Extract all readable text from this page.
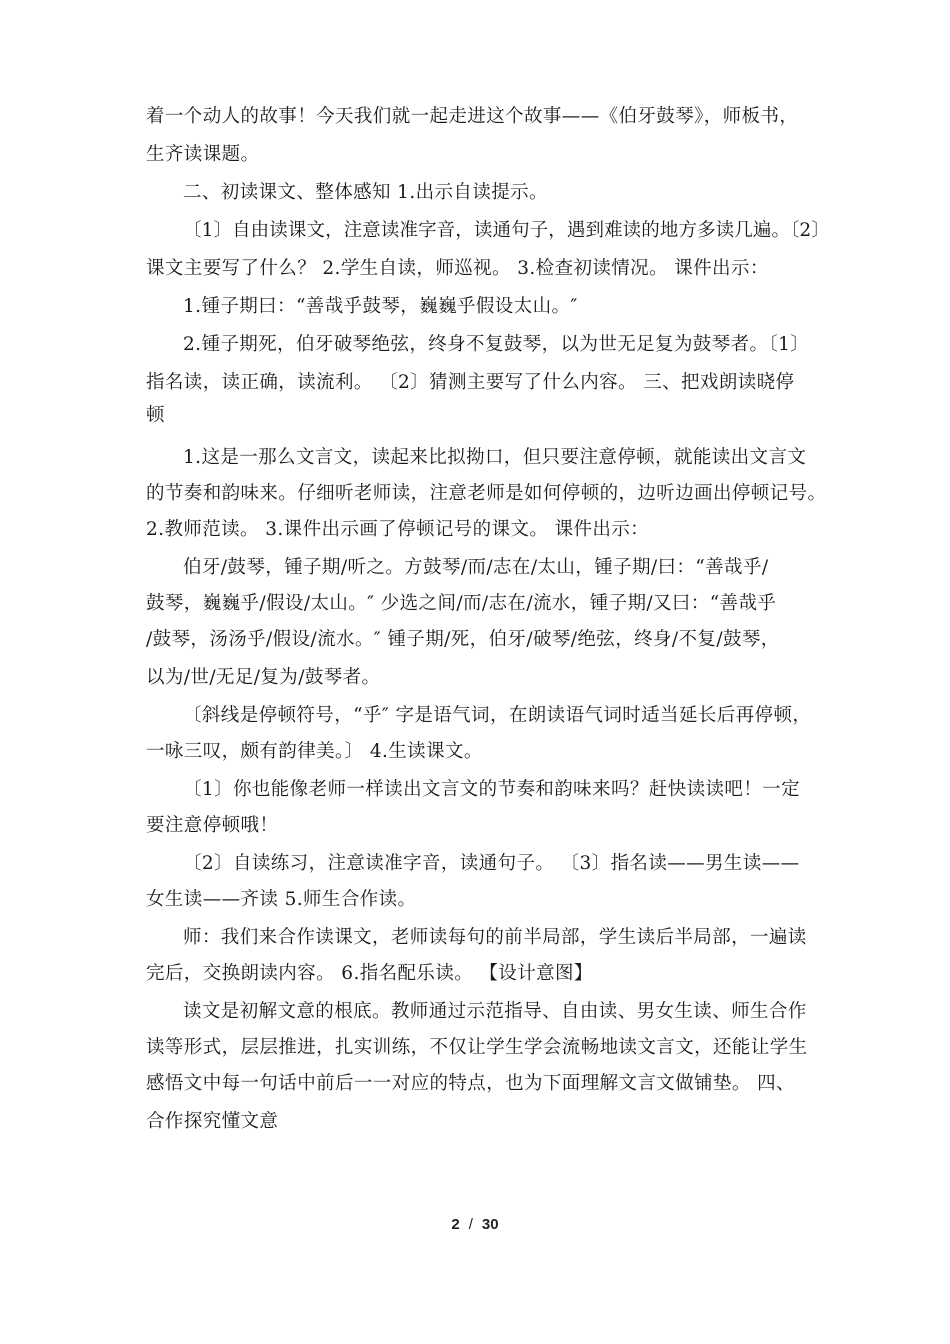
着一个动人的故事！今天我们就一起走进这个故事——《伯牙鼓琴》，师板书，
生齐读课题。
二、初读课文、整体感知 1.出示自读提示。
〔1〕自由读课文，注意读准字音，读通句子，遇到难读的地方多读几遍。〔2〕
课文主要写了什么？ 2.学生自读，师巡视。 3.检查初读情况。 课件出示：
1.锺子期曰：“善哉乎鼓琴，巍巍乎假设太山。″
2.锺子期死，伯牙破琴绝弦，终身不复鼓琴，以为世无足复为鼓琴者。〔1〕
指名读，读正确，读流利。 〔2〕猜测主要写了什么内容。 三、把戏朗读晓停
顿
1.这是一那么文言文，读起来比拟拗口，但只要注意停顿，就能读出文言文
的节奏和韵味来。仔细听老师读，注意老师是如何停顿的，边听边画出停顿记号。
2.教师范读。 3.课件出示画了停顿记号的课文。 课件出示：
伯牙/鼓琴，锺子期/听之。方鼓琴/而/志在/太山，锺子期/曰：“善哉乎/
鼓琴，巍巍乎/假设/太山。″ 少选之间/而/志在/流水，锺子期/又曰：“善哉乎
/鼓琴，汤汤乎/假设/流水。″ 锺子期/死，伯牙/破琴/绝弦，终身/不复/鼓琴，
以为/世/无足/复为/鼓琴者。
〔斜线是停顿符号，“乎″ 字是语气词，在朗读语气词时适当延长后再停顿，
一咏三叹，颇有韵律美。〕 4.生读课文。
〔1〕你也能像老师一样读出文言文的节奏和韵味来吗？赶快读读吧！一定
要注意停顿哦！
〔2〕自读练习，注意读准字音，读通句子。 〔3〕指名读——男生读——
女生读——齐读 5.师生合作读。
师：我们来合作读课文，老师读每句的前半局部，学生读后半局部，一遍读
完后，交换朗读内容。 6.指名配乐读。 【设计意图】
读文是初解文意的根底。教师通过示范指导、自由读、男女生读、师生合作
读等形式，层层推进，扎实训练，不仅让学生学会流畅地读文言文，还能让学生
感悟文中每一句话中前后一一对应的特点，也为下面理解文言文做铺垫。 四、
合作探究懂文意
2 / 30
